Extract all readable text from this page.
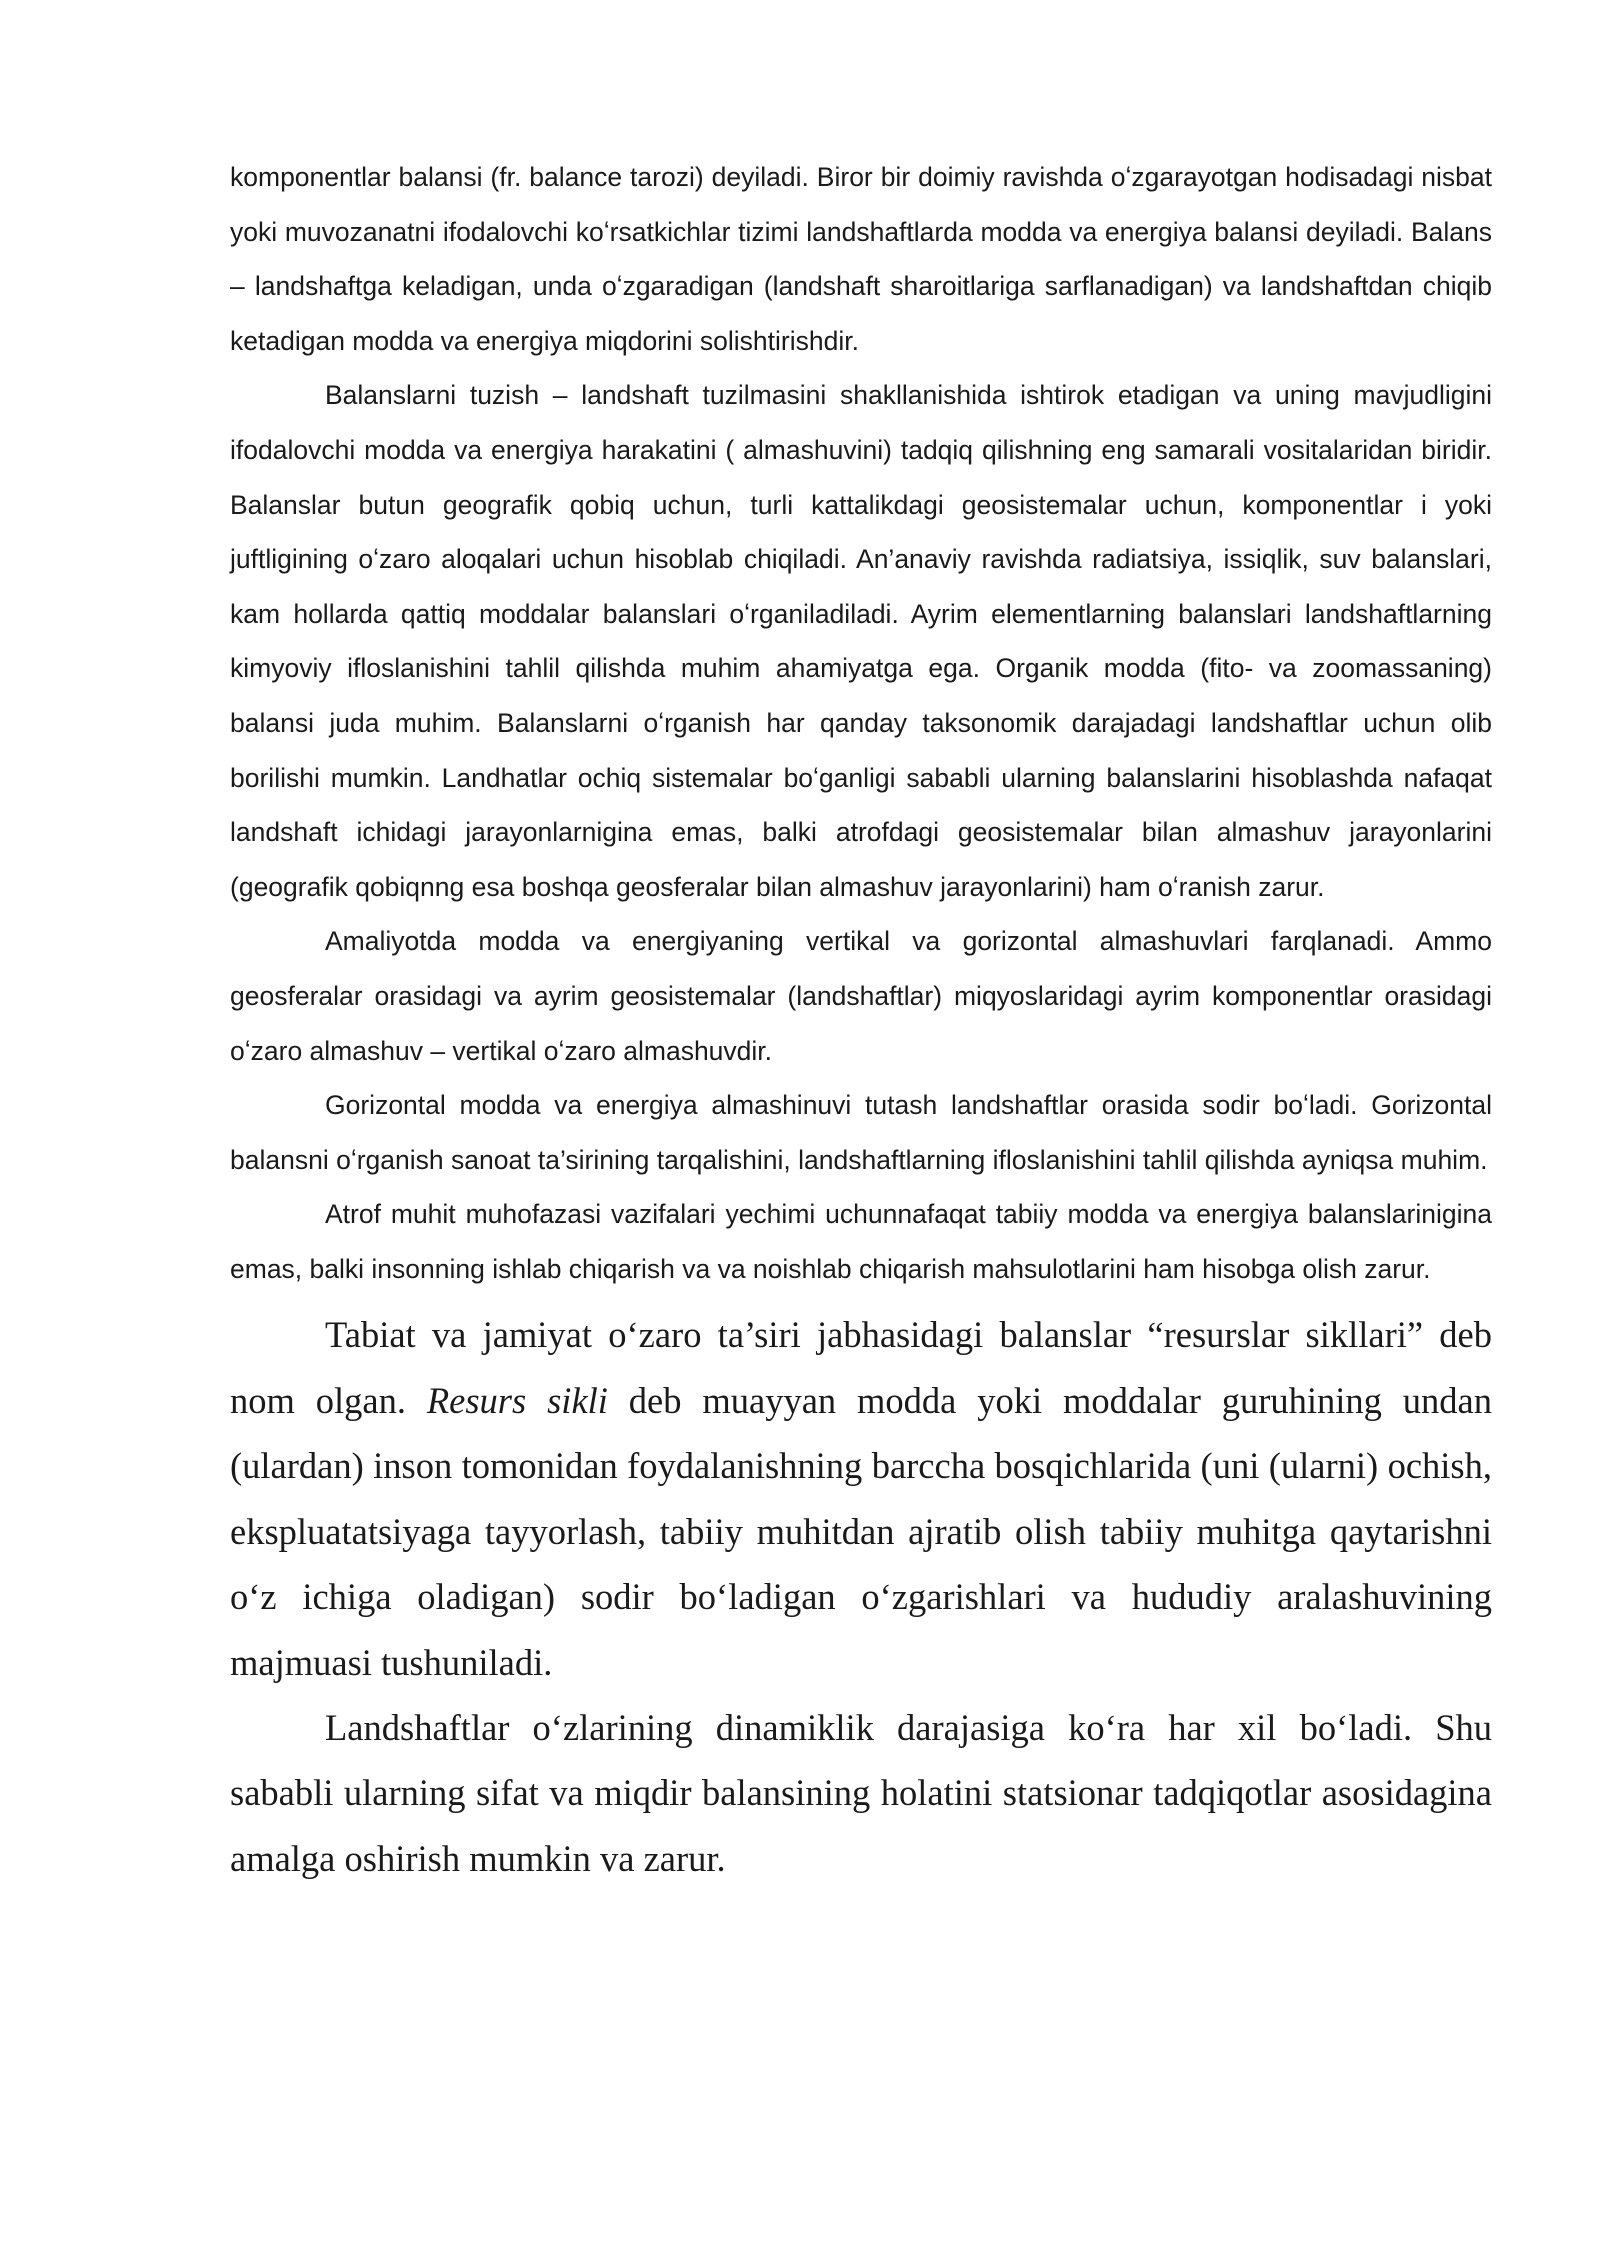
komponentlar balansi (fr. balance tarozi) deyiladi. Biror bir doimiy ravishda oʻzgarayotgan hodisadagi nisbat yoki muvozanatni ifodalovchi koʻrsatkichlar tizimi landshaftlarda modda va energiya balansi deyiladi. Balans – landshaftga keladigan, unda oʻzgaradigan (landshaft sharoitlariga sarflanadigan) va landshaftdan chiqib ketadigan modda va energiya miqdorini solishtirishdir.

Balanslarni tuzish – landshaft tuzilmasini shakllanishida ishtirok etadigan va uning mavjudligini ifodalovchi modda va energiya harakatini ( almashuvini) tadqiq qilishning eng samarali vositalaridan biridir. Balanslar butun geografik qobiq uchun, turli kattalikdagi geosistemalar uchun, komponentlar i yoki juftligining oʻzaro aloqalari uchun hisoblab chiqiladi. An’anaviy ravishda radiatsiya, issiqlik, suv balanslari, kam hollarda qattiq moddalar balanslari oʻrganiladiladi. Ayrim elementlarning balanslari landshaftlarning kimyoviy ifloslanishini tahlil qilishda muhim ahamiyatga ega. Organik modda (fito- va zoomassaning) balansi juda muhim. Balanslarni oʻrganish har qanday taksonomik darajadagi landshaftlar uchun olib borilishi mumkin. Landhatlar ochiq sistemalar boʻganligi sababli ularning balanslarini hisoblashda nafaqat landshaft ichidagi jarayonlarnigina emas, balki atrofdagi geosistemalar bilan almashuv jarayonlarini (geografik qobiqnng esa boshqa geosferalar bilan almashuv jarayonlarini) ham oʻranish zarur.

Amaliyotda modda va energiyaning vertikal va gorizontal almashuvlari farqlanadi. Ammo geosferalar orasidagi va ayrim geosistemalar (landshaftlar) miqyoslaridagi ayrim komponentlar orasidagi oʻzaro almashuv – vertikal oʻzaro almashuvdir.

Gorizontal modda va energiya almashinuvi tutash landshaftlar orasida sodir boʻladi. Gorizontal balansni oʻrganish sanoat ta’sirining tarqalishini, landshaftlarning ifloslanishini tahlil qilishda ayniqsa muhim.

Atrof muhit muhofazasi vazifalari yechimi uchunnafaqat tabiiy modda va energiya balanslarinigina emas, balki insonning ishlab chiqarish va va noishlab chiqarish mahsulotlarini ham hisobga olish zarur.

Tabiat va jamiyat oʻzaro ta’siri jabhasidagi balanslar “resurslar sikllari” deb nom olgan. Resurs sikli deb muayyan modda yoki moddalar guruhining undan (ulardan) inson tomonidan foydalanishning barccha bosqichlarida (uni (ularni) ochish, ekspluatatsiyaga tayyorlash, tabiiy muhitdan ajratib olish tabiiy muhitga qaytarishni oʻz ichiga oladigan) sodir boʻladigan oʻzgarishlari va hududiy aralashuvining majmuasi tushuniladi.

Landshaftlar oʻzlarining dinamiklik darajasiga koʻra har xil boʻladi. Shu sababli ularning sifat va miqdir balansining holatini statsionar tadqiqotlar asosidagina amalga oshirish mumkin va zarur.
